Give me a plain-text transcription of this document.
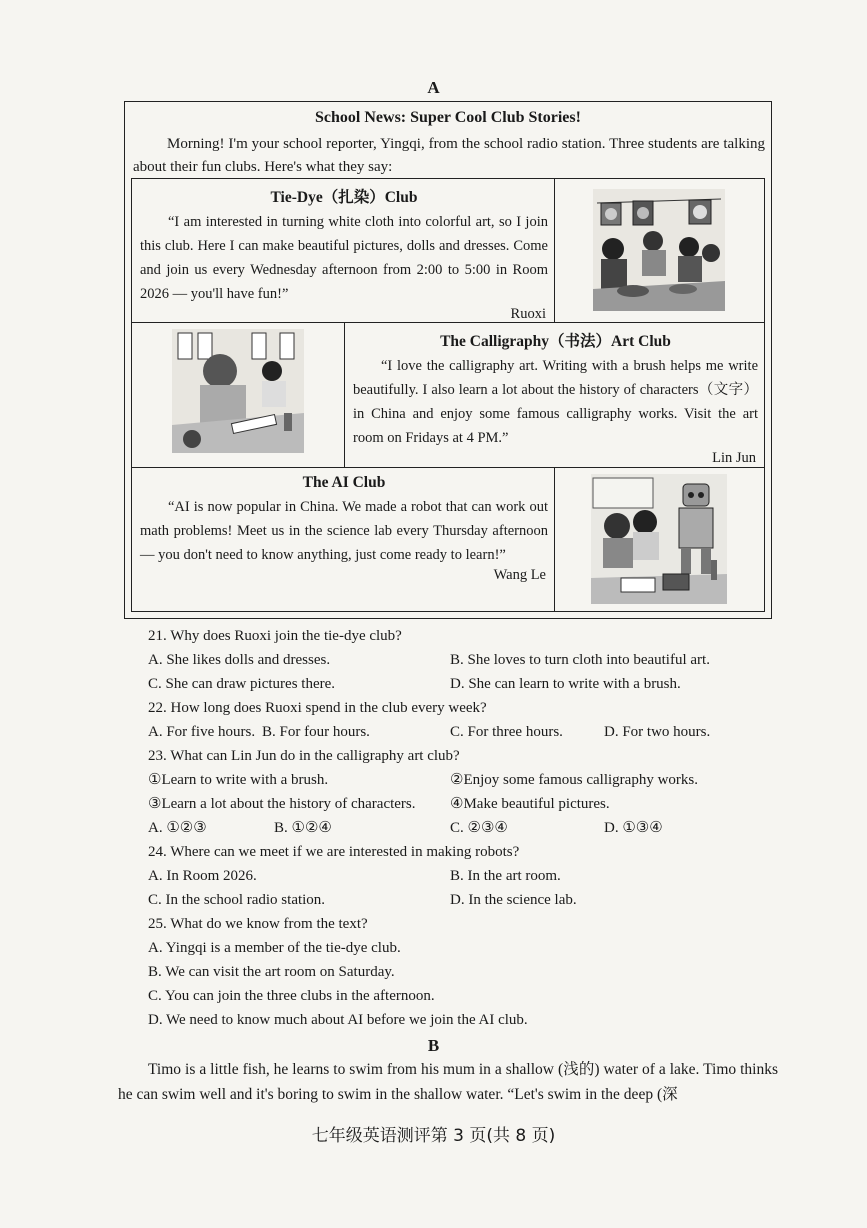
A
School News: Super Cool Club Stories!
Morning! I'm your school reporter, Yingqi, from the school radio station. Three students are talking about their fun clubs. Here's what they say:
Tie-Dye（扎染）Club

“I am interested in turning white cloth into colorful art, so I join this club. Here I can make beautiful pictures, dolls and dresses. Come and join us every Wednesday afternoon from 2:00 to 5:00 in Room 2026 — you'll have fun!”

Ruoxi
The Calligraphy（书法）Art Club

“I love the calligraphy art. Writing with a brush helps me write beautifully. I also learn a lot about the history of characters（文字）in China and enjoy some famous calligraphy works. Visit the art room on Fridays at 4 PM.”

Lin Jun
The AI Club

“AI is now popular in China. We made a robot that can work out math problems! Meet us in the science lab every Thursday afternoon — you don't need to know anything, just come ready to learn!”

Wang Le
21. Why does Ruoxi join the tie-dye club?
A. She likes dolls and dresses.	B. She loves to turn cloth into beautiful art.
C. She can draw pictures there.	D. She can learn to write with a brush.
22. How long does Ruoxi spend in the club every week?
A. For five hours. B. For four hours.	C. For three hours.	D. For two hours.
23. What can Lin Jun do in the calligraphy art club?
①Learn to write with a brush.	②Enjoy some famous calligraphy works.
③Learn a lot about the history of characters. ④Make beautiful pictures.
A. ①②③	B. ①②④	C. ②③④	D. ①③④
24. Where can we meet if we are interested in making robots?
A. In Room 2026.	B. In the art room.
C. In the school radio station.	D. In the science lab.
25. What do we know from the text?
A. Yingqi is a member of the tie-dye club.
B. We can visit the art room on Saturday.
C. You can join the three clubs in the afternoon.
D. We need to know much about AI before we join the AI club.
B
Timo is a little fish, he learns to swim from his mum in a shallow (浅的) water of a lake. Timo thinks he can swim well and it's boring to swim in the shallow water. “Let's swim in the deep (深
七年级英语测评第 3 页(共 8 页)
